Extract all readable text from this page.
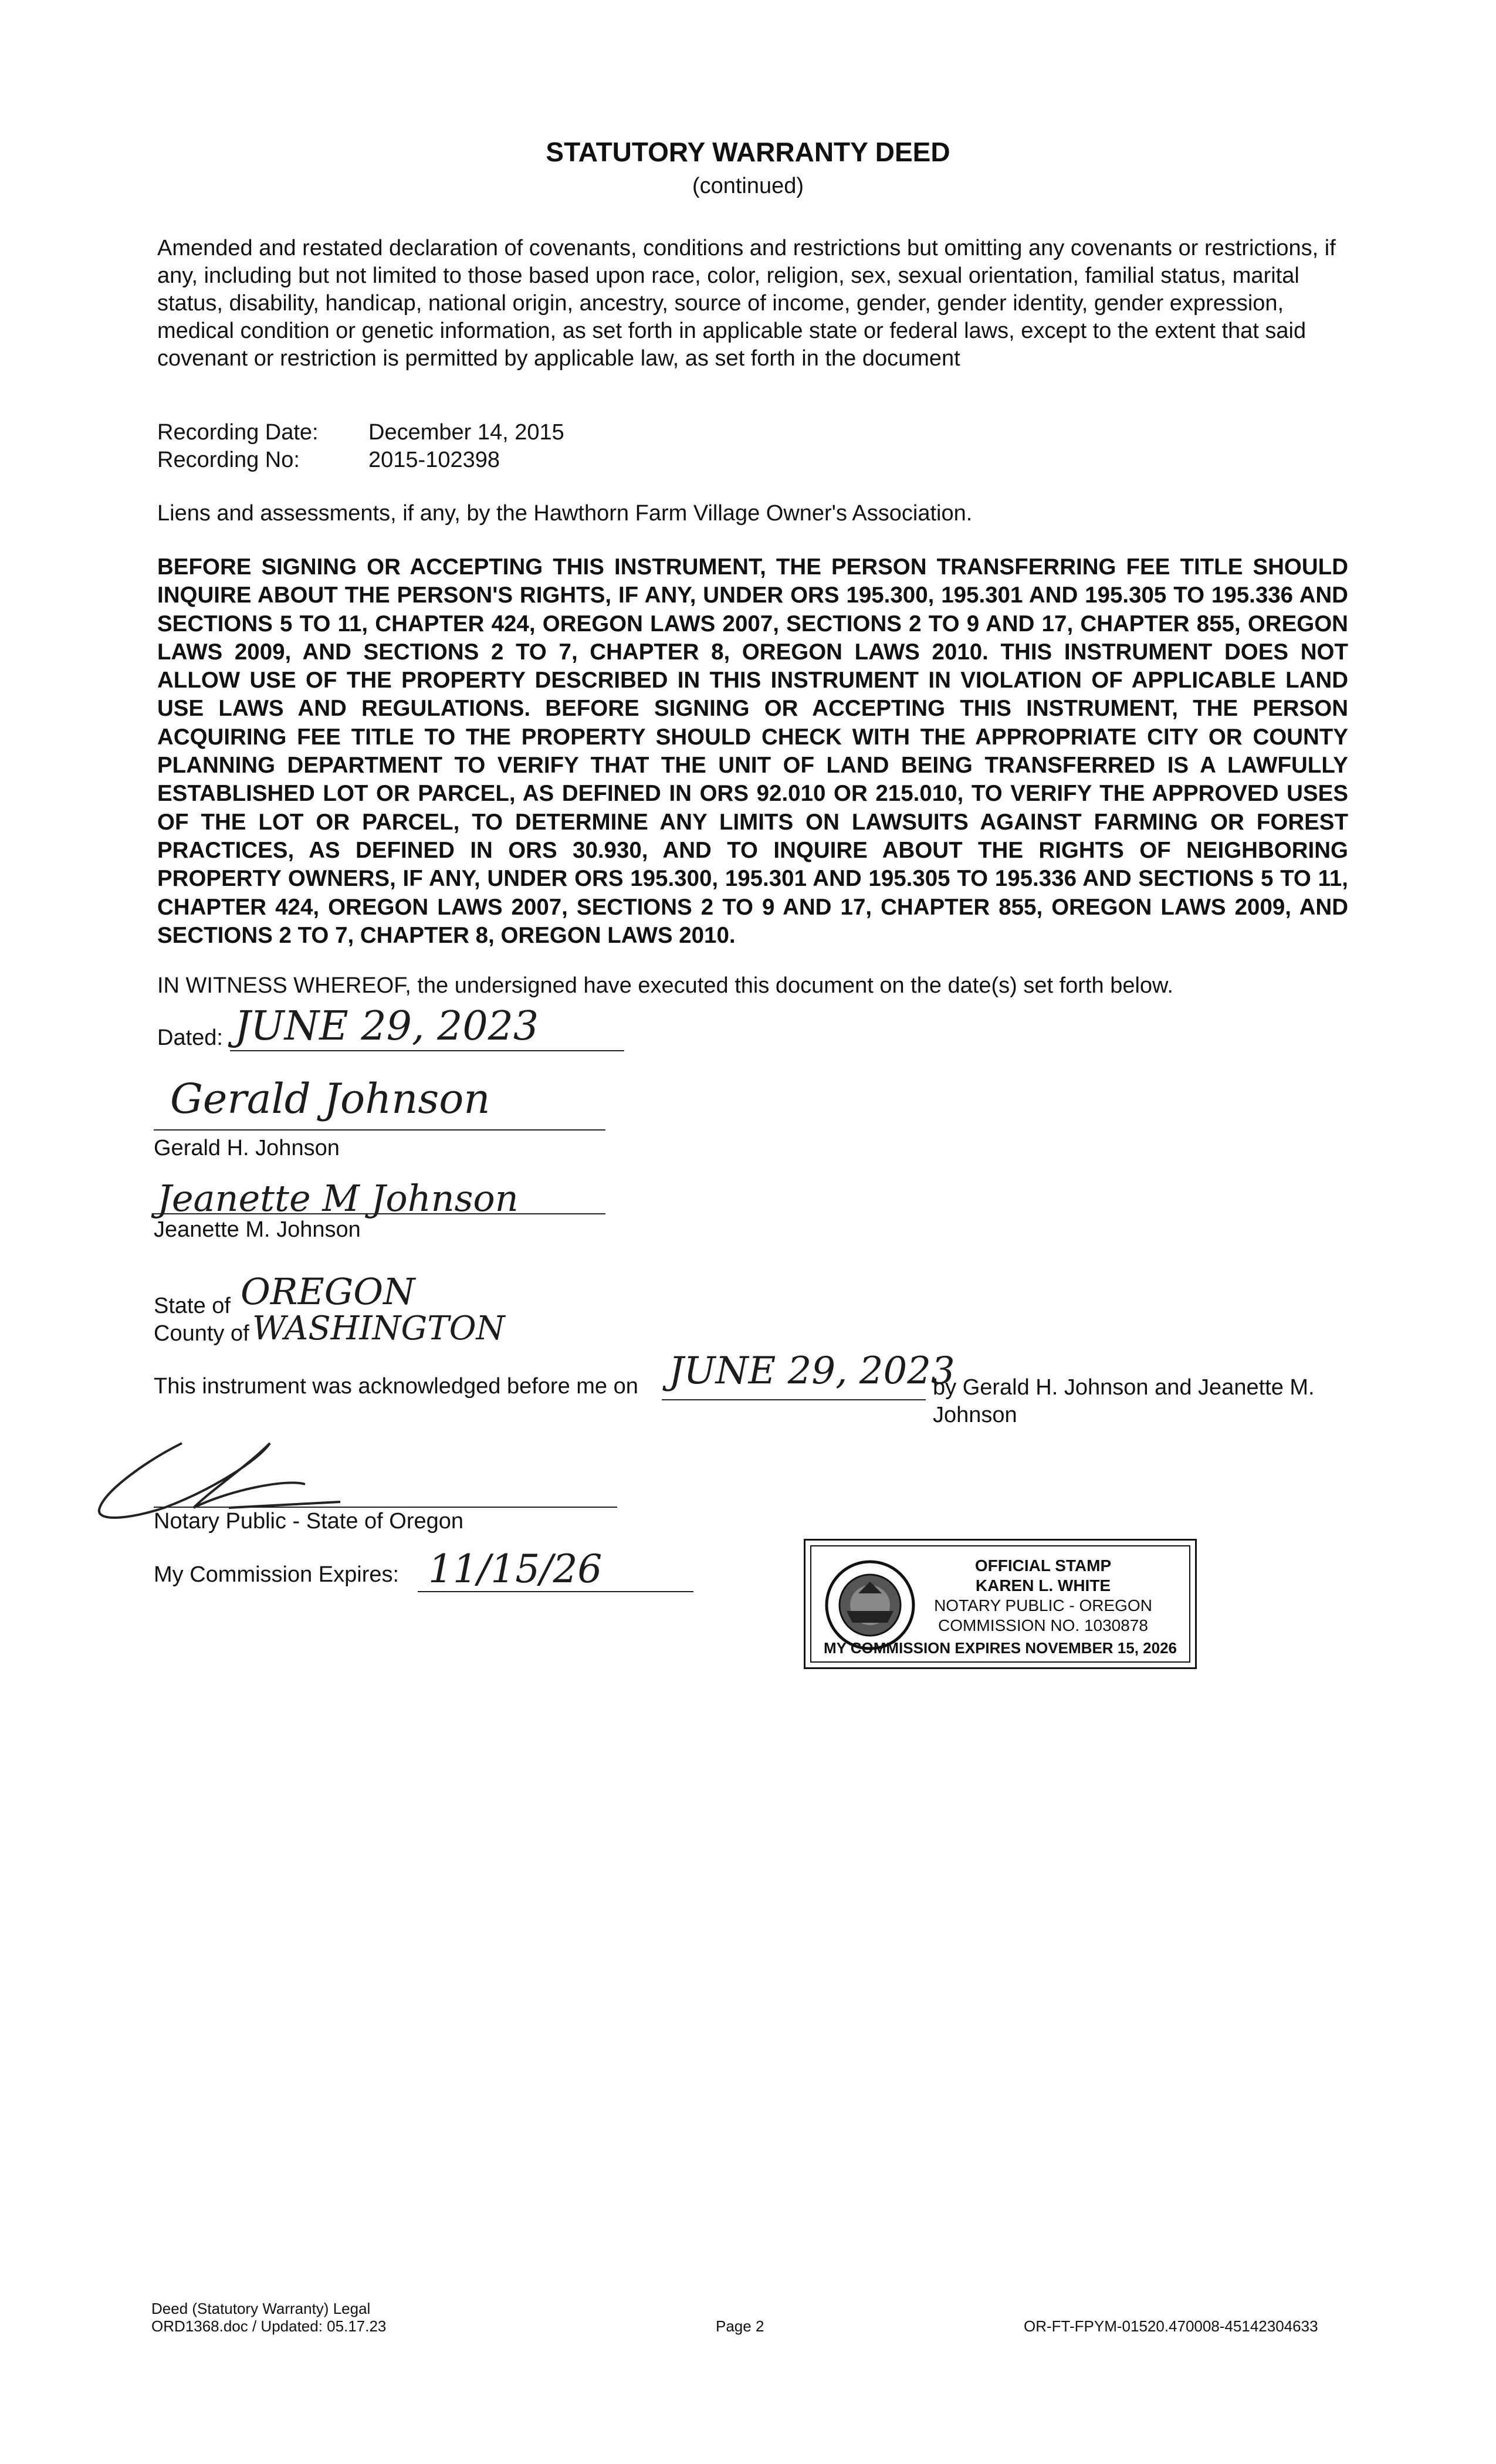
STATUTORY WARRANTY DEED
(continued)
Amended and restated declaration of covenants, conditions and restrictions but omitting any covenants or restrictions, if any, including but not limited to those based upon race, color, religion, sex, sexual orientation, familial status, marital status, disability, handicap, national origin, ancestry, source of income, gender, gender identity, gender expression, medical condition or genetic information, as set forth in applicable state or federal laws, except to the extent that said covenant or restriction is permitted by applicable law, as set forth in the document
Recording Date: December 14, 2015
Recording No:	2015-102398
Liens and assessments, if any, by the Hawthorn Farm Village Owner's Association.
BEFORE SIGNING OR ACCEPTING THIS INSTRUMENT, THE PERSON TRANSFERRING FEE TITLE SHOULD INQUIRE ABOUT THE PERSON'S RIGHTS, IF ANY, UNDER ORS 195.300, 195.301 AND 195.305 TO 195.336 AND SECTIONS 5 TO 11, CHAPTER 424, OREGON LAWS 2007, SECTIONS 2 TO 9 AND 17, CHAPTER 855, OREGON LAWS 2009, AND SECTIONS 2 TO 7, CHAPTER 8, OREGON LAWS 2010. THIS INSTRUMENT DOES NOT ALLOW USE OF THE PROPERTY DESCRIBED IN THIS INSTRUMENT IN VIOLATION OF APPLICABLE LAND USE LAWS AND REGULATIONS. BEFORE SIGNING OR ACCEPTING THIS INSTRUMENT, THE PERSON ACQUIRING FEE TITLE TO THE PROPERTY SHOULD CHECK WITH THE APPROPRIATE CITY OR COUNTY PLANNING DEPARTMENT TO VERIFY THAT THE UNIT OF LAND BEING TRANSFERRED IS A LAWFULLY ESTABLISHED LOT OR PARCEL, AS DEFINED IN ORS 92.010 OR 215.010, TO VERIFY THE APPROVED USES OF THE LOT OR PARCEL, TO DETERMINE ANY LIMITS ON LAWSUITS AGAINST FARMING OR FOREST PRACTICES, AS DEFINED IN ORS 30.930, AND TO INQUIRE ABOUT THE RIGHTS OF NEIGHBORING PROPERTY OWNERS, IF ANY, UNDER ORS 195.300, 195.301 AND 195.305 TO 195.336 AND SECTIONS 5 TO 11, CHAPTER 424, OREGON LAWS 2007, SECTIONS 2 TO 9 AND 17, CHAPTER 855, OREGON LAWS 2009, AND SECTIONS 2 TO 7, CHAPTER 8, OREGON LAWS 2010.
IN WITNESS WHEREOF, the undersigned have executed this document on the date(s) set forth below.
Dated: JUNE 29, 2023
Gerald Johnson
Gerald H. Johnson
Jeanette M Johnson
Jeanette M. Johnson
State of OREGON
County of WASHINGTON
This instrument was acknowledged before me on JUNE 29, 2023
by Gerald H. Johnson and Jeanette M. Johnson
Notary Public - State of Oregon
My Commission Expires: 11/15/26	OFFICIAL STAMP
KAREN L. WHITE
NOTARY PUBLIC - OREGON
COMMISSION NO. 1030878
MY COMMISSION EXPIRES NOVEMBER 15, 2026
Deed (Statutory Warranty) Legal
ORD1368.doc / Updated: 05.17.23	Page 2	OR-FT-FPYM-01520.470008-45142304633
